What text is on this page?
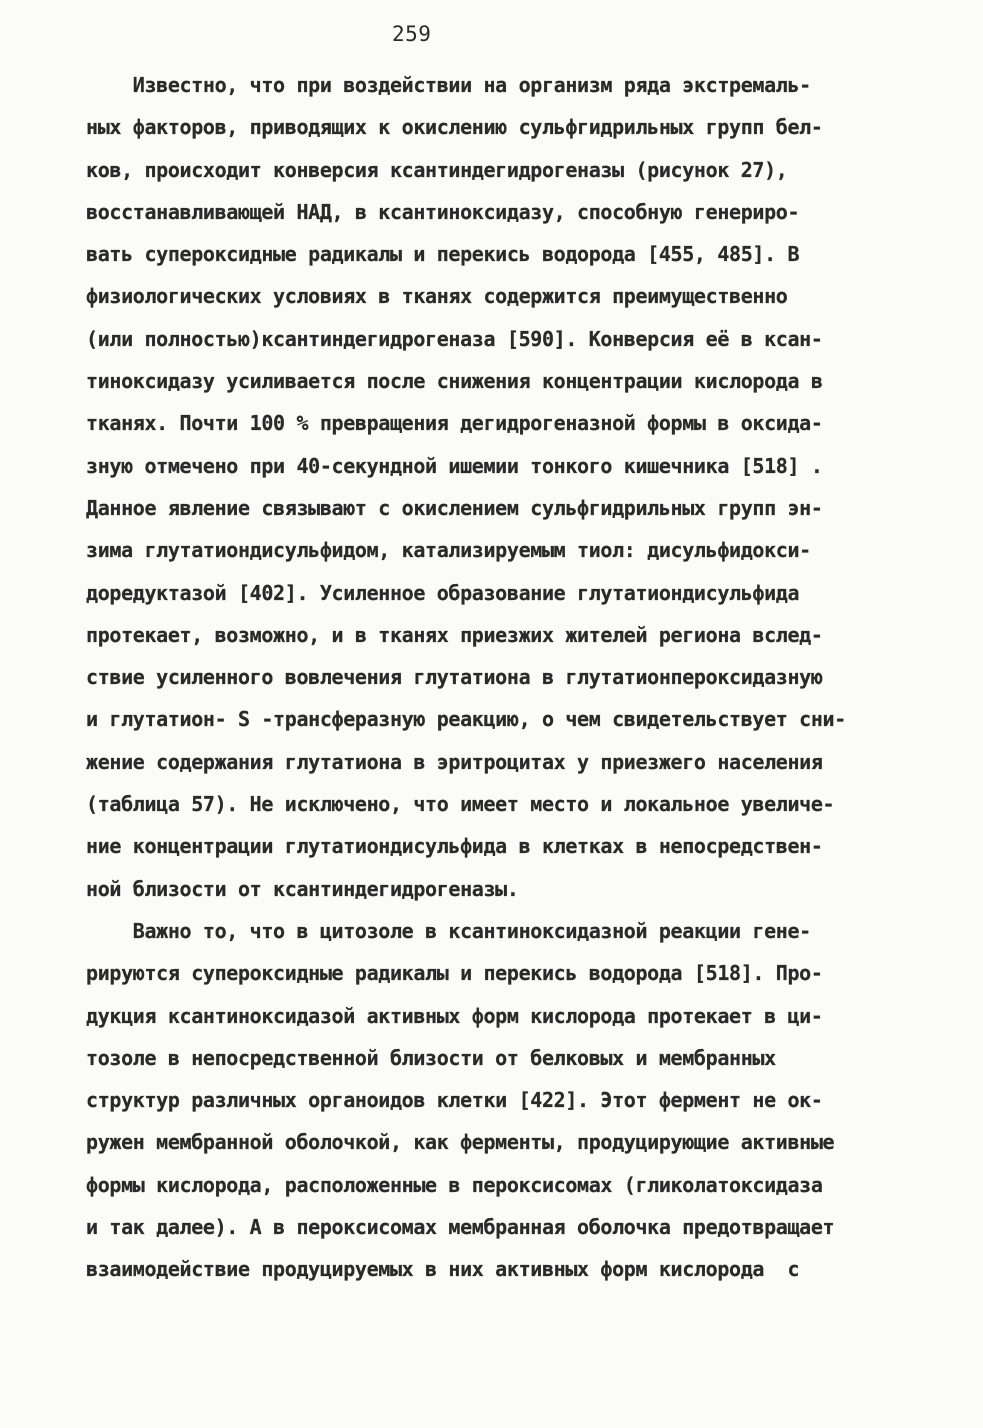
259
Известно, что при воздействии на организм ряда экстремаль-
ных факторов, приводящих к окислению сульфгидрильных групп бел-
ков, происходит конверсия ксантиндегидрогеназы (рисунок 27),
восстанавливающей НАД, в ксантиноксидазу, способную генериро-
вать супероксидные радикалы и перекись водорода [455, 485]. В
физиологических условиях в тканях содержится преимущественно
(или полностью)ксантиндегидрогеназа [590]. Конверсия её в ксан-
тиноксидазу усиливается после снижения концентрации кислорода в
тканях. Почти 100 % превращения дегидрогеназной формы в оксида-
зную отмечено при 40-секундной ишемии тонкого кишечника [518] .
Данное явление связывают с окислением сульфгидрильных групп эн-
зима глутатиондисульфидом, катализируемым тиол: дисульфидокси-
доредуктазой [402]. Усиленное образование глутатиондисульфида
протекает, возможно, и в тканях приезжих жителей региона вслед-
ствие усиленного вовлечения глутатиона в глутатионпероксидазную
и глутатион- S -трансферазную реакцию, о чем свидетельствует сни-
жение содержания глутатиона в эритроцитах у приезжего населения
(таблица 57). Не исключено, что имеет место и локальное увеличе-
ние концентрации глутатиондисульфида в клетках в непосредствен-
ной близости от ксантиндегидрогеназы.
Важно то, что в цитозоле в ксантиноксидазной реакции гене-
рируются супероксидные радикалы и перекись водорода [518]. Про-
дукция ксантиноксидазой активных форм кислорода протекает в ци-
тозоле в непосредственной близости от белковых и мембранных
структур различных органоидов клетки [422]. Этот фермент не ок-
ружен мембранной оболочкой, как ферменты, продуцирующие активные
формы кислорода, расположенные в пероксисомах (гликолатоксидаза
и так далее). А в пероксисомах мембранная оболочка предотвращает
взаимодействие продуцируемых в них активных форм кислорода  с
